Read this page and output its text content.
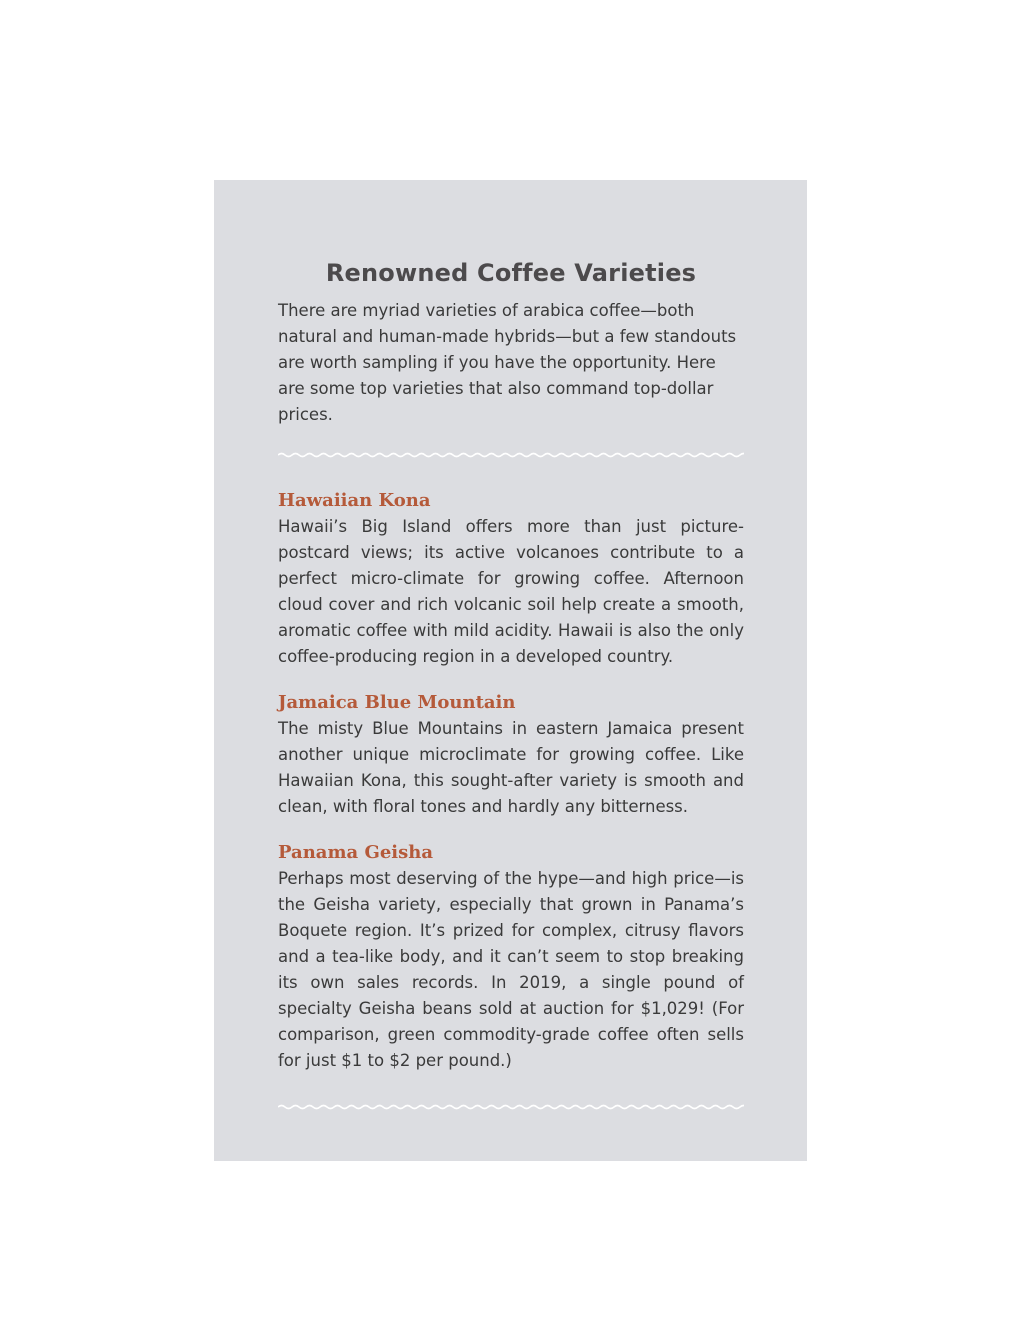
Renowned Coffee Varieties

There are myriad varieties of arabica coffee—both natural and human-made hybrids—but a few standouts are worth sampling if you have the opportunity. Here are some top varieties that also command top-dollar prices.

Hawaiian Kona

Hawaii’s Big Island offers more than just picture-postcard views; its active volcanoes contribute to a perfect micro-climate for growing coffee. Afternoon cloud cover and rich volcanic soil help create a smooth, aromatic coffee with mild acidity. Hawaii is also the only coffee-producing region in a developed country.

Jamaica Blue Mountain

The misty Blue Mountains in eastern Jamaica present another unique microclimate for growing coffee. Like Hawaiian Kona, this sought-after variety is smooth and clean, with floral tones and hardly any bitterness.

Panama Geisha

Perhaps most deserving of the hype—and high price—is the Geisha variety, especially that grown in Panama’s Boquete region. It’s prized for complex, citrusy flavors and a tea-like body, and it can’t seem to stop breaking its own sales records. In 2019, a single pound of specialty Geisha beans sold at auction for $1,029! (For comparison, green commodity-grade coffee often sells for just $1 to $2 per pound.)
